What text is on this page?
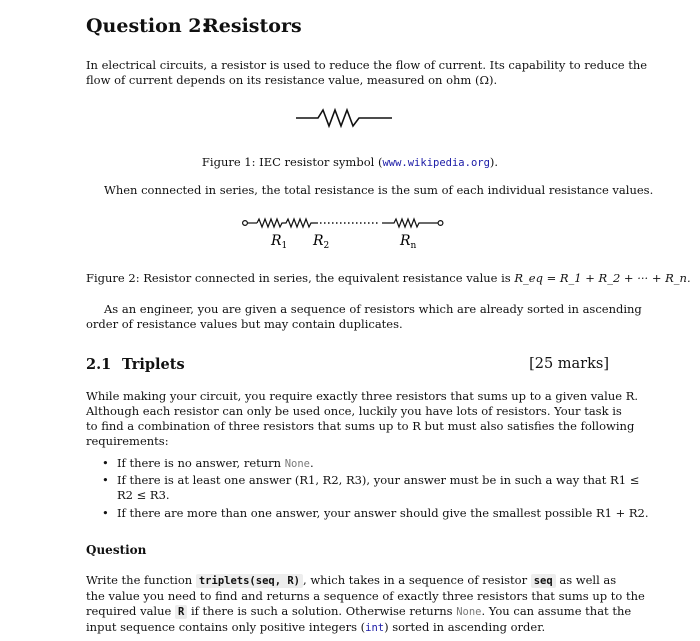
Question 2:Resistors
In electrical circuits, a resistor is used to reduce the flow of current. Its capability to reduce the
flow of current depends on its resistance value, measured on ohm (Ω).
Figure 1: IEC resistor symbol (www.wikipedia.org).
When connected in series, the total resistance is the sum of each individual resistance values.
$R_1$ $R_2$	$R_n$
Figure 2: Resistor connected in series, the equivalent resistance value is R_eq = R_1 + R_2 + ··· + R_n.
As an engineer, you are given a sequence of resistors which are already sorted in ascending
order of resistance values but may contain duplicates.
2.1 Triplets	[25 marks]
While making your circuit, you require exactly three resistors that sums up to a given value R.
Although each resistor can only be used once, luckily you have lots of resistors. Your task is
to find a combination of three resistors that sums up to R but must also satisfies the following
requirements:
• If there is no answer, return None.
• If there is at least one answer (R1, R2, R3), your answer must be in such a way that R1 ≤
R2 ≤ R3.
• If there are more than one answer, your answer should give the smallest possible R1 + R2.
Question
Write the function triplets(seq, R) , which takes in a sequence of resistor seq as well as
the value you need to find and returns a sequence of exactly three resistors that sums up to the
required value R if there is such a solution. Otherwise returns None. You can assume that the
input sequence contains only positive integers (int) sorted in ascending order.
